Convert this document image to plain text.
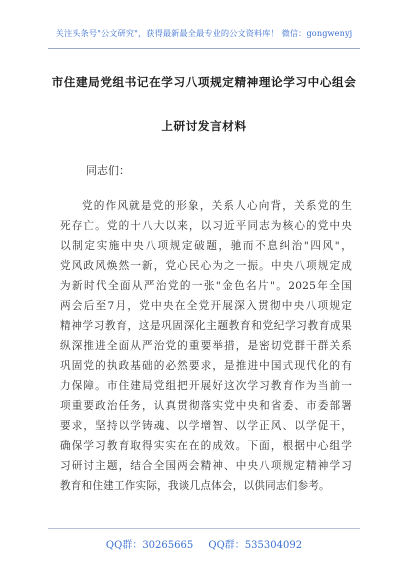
关注头条号"公文研究"，获得最新最全最专业的公文资料库！ 微信：gongwenyj
市住建局党组书记在学习八项规定精神理论学习中心组会
上研讨发言材料
同志们：
党的作风就是党的形象，关系人心向背，关系党的生
死存亡。党的十八大以来，以习近平同志为核心的党中央
以制定实施中央八项规定破题，驰而不息纠治"四风"，
党风政风焕然一新，党心民心为之一振。中央八项规定成
为新时代全面从严治党的一张"金色名片"。2025年全国
两会后至7月，党中央在全党开展深入贯彻中央八项规定
精神学习教育，这是巩固深化主题教育和党纪学习教育成果
纵深推进全面从严治党的重要举措，是密切党群干群关系
巩固党的执政基础的必然要求，是推进中国式现代化的有
力保障。市住建局党组把开展好这次学习教育作为当前一
项重要政治任务，认真贯彻落实党中央和省委、市委部署
要求，坚持以学铸魂、以学增智、以学正风、以学促干，
确保学习教育取得实实在在的成效。下面，根据中心组学
习研讨主题，结合全国两会精神、中央八项规定精神学习
教育和住建工作实际，我谈几点体会，以供同志们参考。
QQ群：30265665 QQ群：535304092
